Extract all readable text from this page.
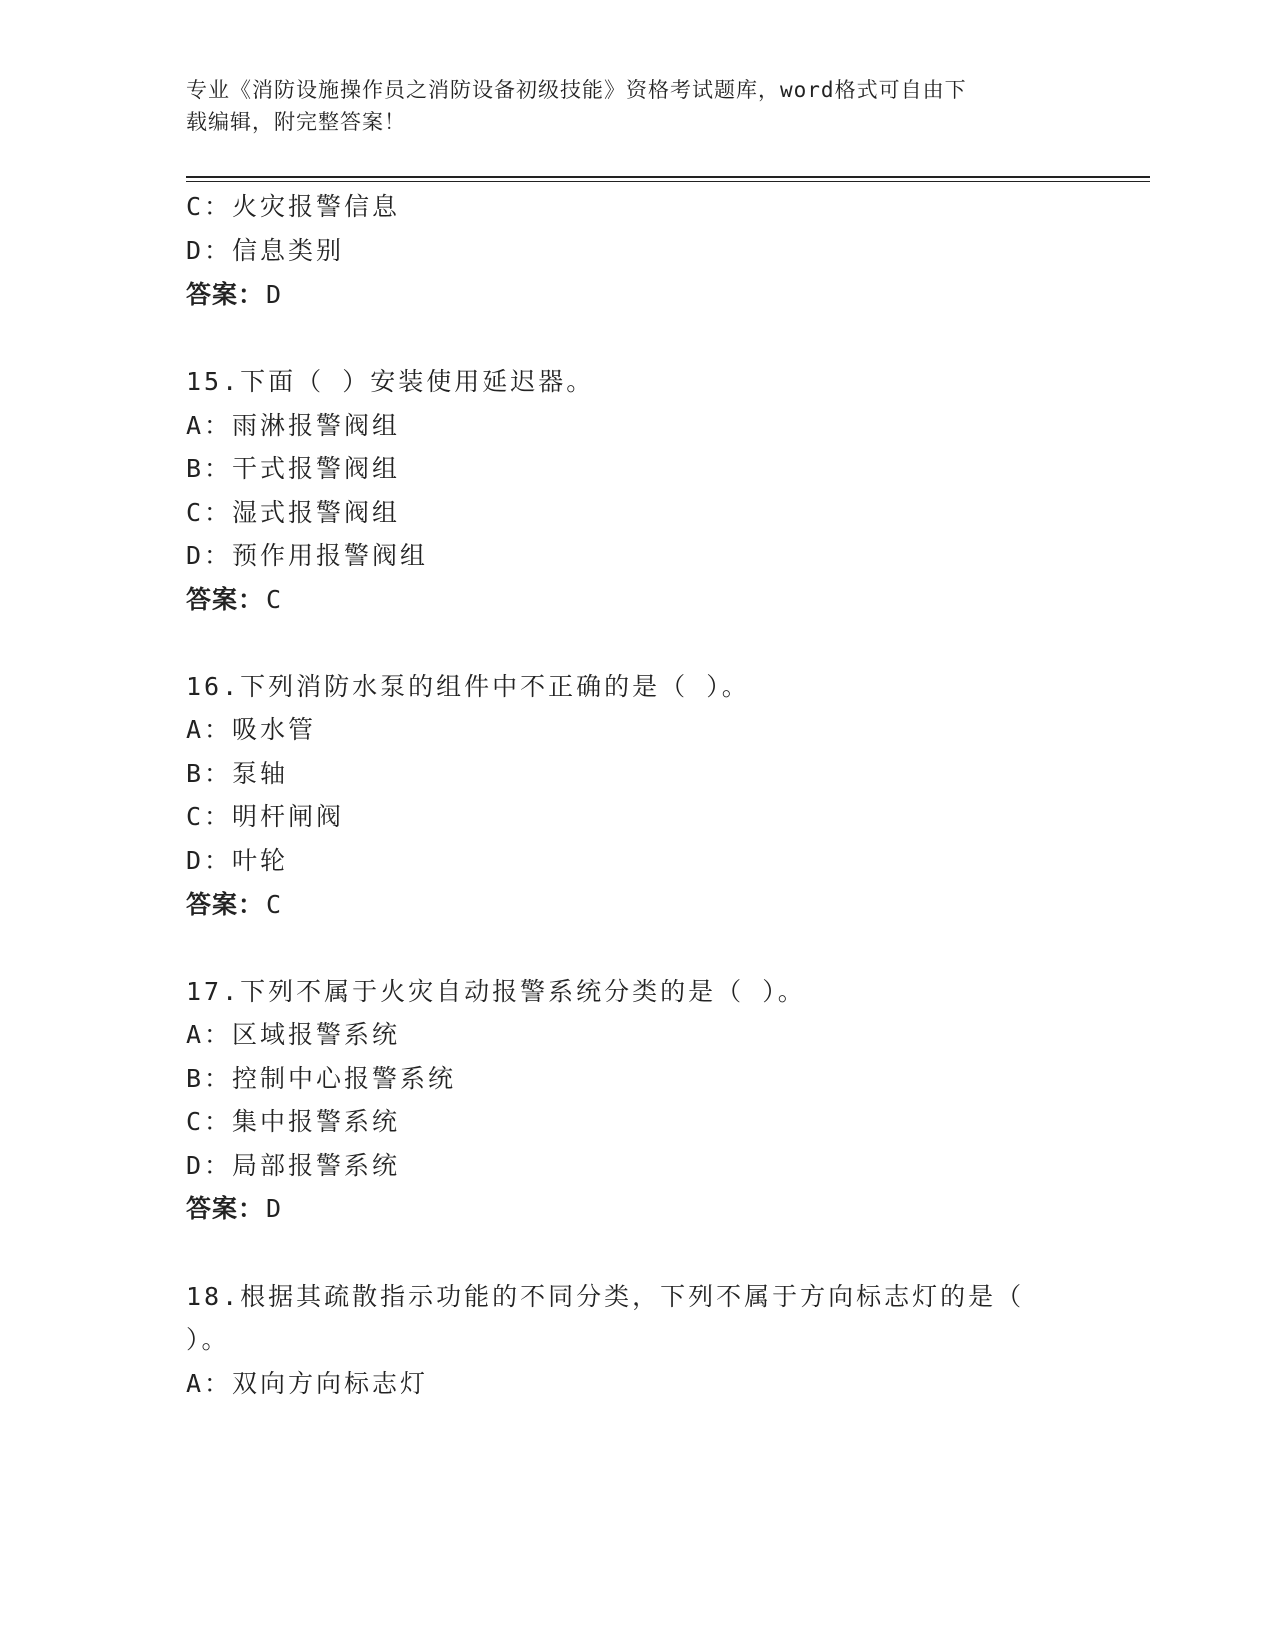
专业《消防设施操作员之消防设备初级技能》资格考试题库，word格式可自由下
载编辑，附完整答案！
C：火灾报警信息
D：信息类别
答案：D
15.下面（ ）安装使用延迟器。
A：雨淋报警阀组
B：干式报警阀组
C：湿式报警阀组
D：预作用报警阀组
答案：C
16.下列消防水泵的组件中不正确的是（ ）。
A：吸水管
B：泵轴
C：明杆闸阀
D：叶轮
答案：C
17.下列不属于火灾自动报警系统分类的是（ ）。
A：区域报警系统
B：控制中心报警系统
C：集中报警系统
D：局部报警系统
答案：D
18.根据其疏散指示功能的不同分类，下列不属于方向标志灯的是（
）。
A：双向方向标志灯
